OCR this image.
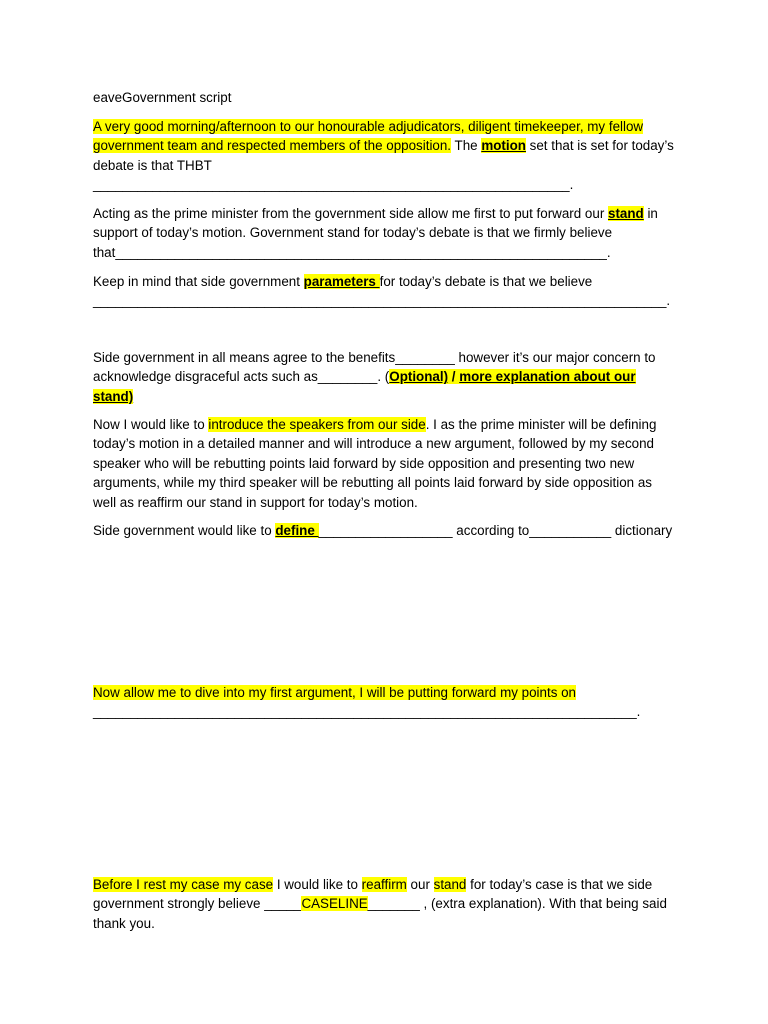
eaveGovernment script

A very good morning/afternoon to our honourable adjudicators, diligent timekeeper, my fellow government team and respected members of the opposition. The motion set that is set for today’s debate is that THBT
________________________________________________________________.

Acting as the prime minister from the government side allow me first to put forward our stand in support of today’s motion. Government stand for today’s debate is that we firmly believe that__________________________________________________________________.

Keep in mind that side government parameters for today’s debate is that we believe
_____________________________________________________________________________.

Side government in all means agree to the benefits________ however it’s our major concern to acknowledge disgraceful acts such as________. (Optional) / more explanation about our stand)

Now I would like to introduce the speakers from our side. I as the prime minister will be defining today’s motion in a detailed manner and will introduce a new argument, followed by my second speaker who will be rebutting points laid forward by side opposition and presenting two new arguments, while my third speaker will be rebutting all points laid forward by side opposition as well as reaffirm our stand in support for today’s motion.

Side government would like to define __________________ according to___________ dictionary

Now allow me to dive into my first argument, I will be putting forward my points on
_________________________________________________________________________.

Before I rest my case my case I would like to reaffirm our stand for today’s case is that we side government strongly believe _____CASELINE_______ , (extra explanation). With that being said thank you.
